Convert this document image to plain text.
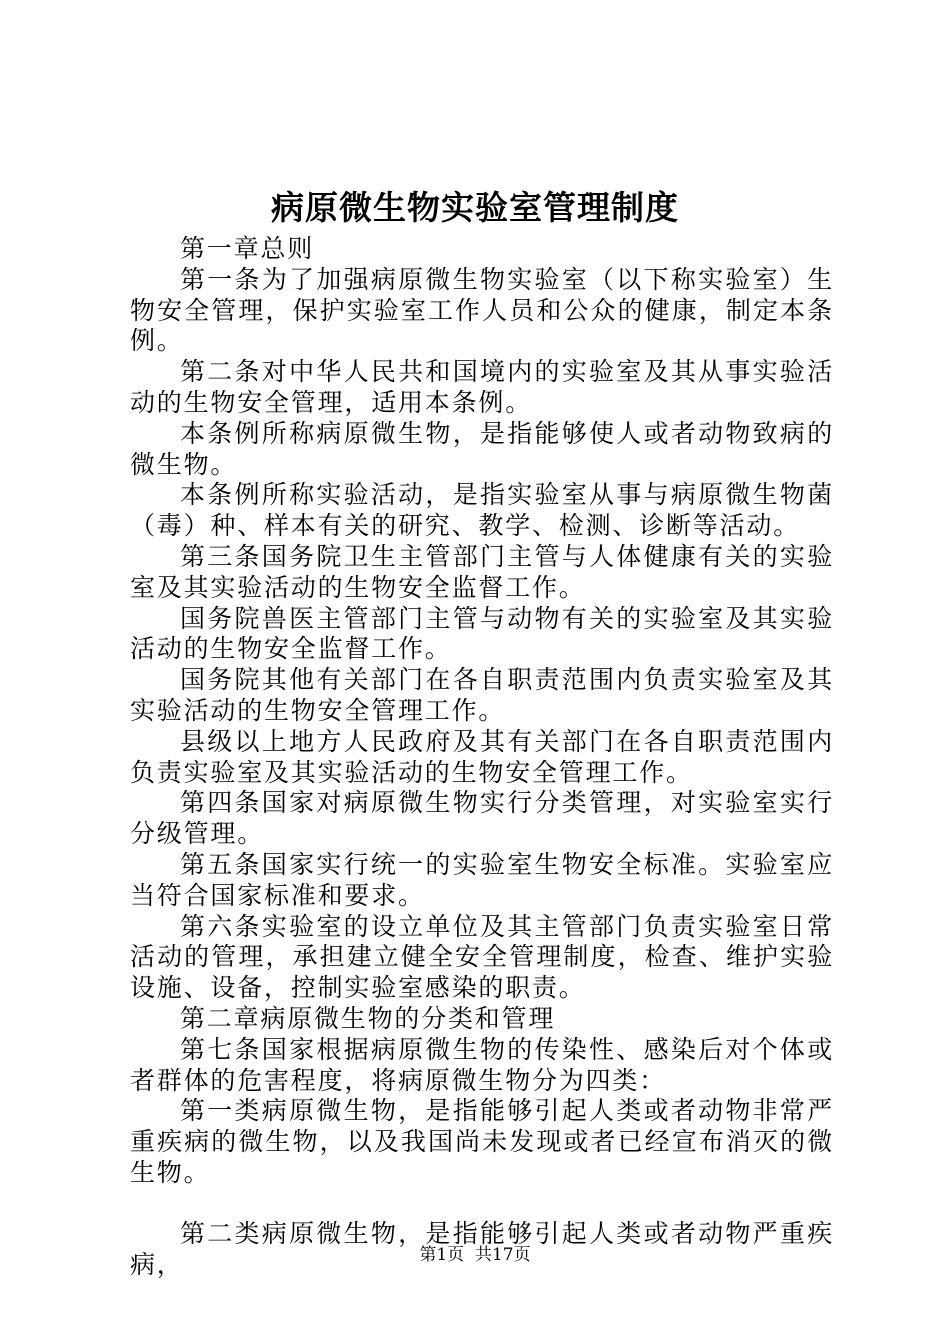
病原微生物实验室管理制度

第一章总则

第一条为了加强病原微生物实验室（以下称实验室）生物安全管理，保护实验室工作人员和公众的健康，制定本条例。

第二条对中华人民共和国境内的实验室及其从事实验活动的生物安全管理，适用本条例。

本条例所称病原微生物，是指能够使人或者动物致病的微生物。

本条例所称实验活动，是指实验室从事与病原微生物菌（毒）种、样本有关的研究、教学、检测、诊断等活动。

第三条国务院卫生主管部门主管与人体健康有关的实验室及其实验活动的生物安全监督工作。

国务院兽医主管部门主管与动物有关的实验室及其实验活动的生物安全监督工作。

国务院其他有关部门在各自职责范围内负责实验室及其实验活动的生物安全管理工作。

县级以上地方人民政府及其有关部门在各自职责范围内负责实验室及其实验活动的生物安全管理工作。

第四条国家对病原微生物实行分类管理，对实验室实行分级管理。

第五条国家实行统一的实验室生物安全标准。实验室应当符合国家标准和要求。

第六条实验室的设立单位及其主管部门负责实验室日常活动的管理，承担建立健全安全管理制度，检查、维护实验设施、设备，控制实验室感染的职责。

第二章病原微生物的分类和管理

第七条国家根据病原微生物的传染性、感染后对个体或者群体的危害程度，将病原微生物分为四类：

第一类病原微生物，是指能够引起人类或者动物非常严重疾病的微生物，以及我国尚未发现或者已经宣布消灭的微生物。

第二类病原微生物，是指能够引起人类或者动物严重疾病，	第1页  共17页
